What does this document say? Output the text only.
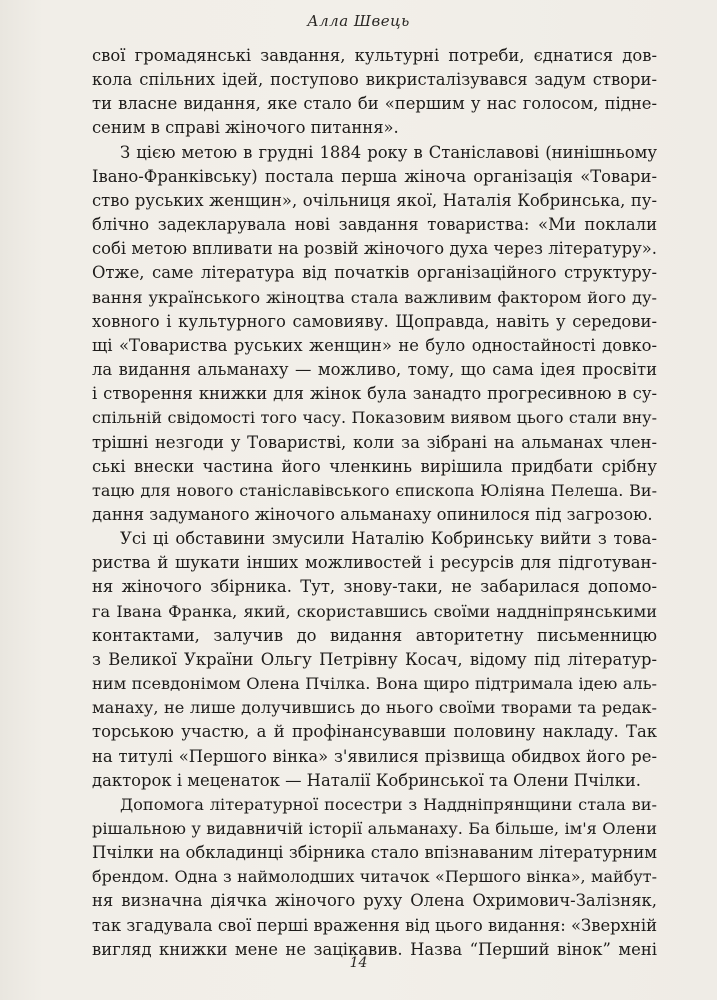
Алла Швець
свої громадянські завдання, культурні потреби, єднатися дов-
кола спільних ідей, поступово викристалізувався задум створи-
ти власне видання, яке стало би «першим у нас голосом, підне-
сеним в справі жіночого питання».
З цією метою в грудні 1884 року в Станіславові (нинішньому
Івано-Франківську) постала перша жіноча організація «Товари-
ство руських женщин», очільниця якої, Наталія Кобринська, пу-
блічно задекларувала нові завдання товариства: «Ми поклали
собі метою впливати на розвій жіночого духа через літературу».
Отже, саме література від початків організаційного структуру-
вання українського жіноцтва стала важливим фактором його ду-
ховного і культурного самовияву. Щоправда, навіть у середови-
щі «Товариства руських женщин» не було одностайності довко-
ла видання альманаху — можливо, тому, що сама ідея просвіти
і створення книжки для жінок була занадто прогресивною в су-
спільній свідомості того часу. Показовим виявом цього стали вну-
трішні незгоди у Товаристві, коли за зібрані на альманах член-
ські внески частина його членкинь вирішила придбати срібну
тацю для нового станіславівського єпископа Юліяна Пелеша. Ви-
дання задуманого жіночого альманаху опинилося під загрозою.
Усі ці обставини змусили Наталію Кобринську вийти з това-
риства й шукати інших можливостей і ресурсів для підготуван-
ня жіночого збірника. Тут, знову-таки, не забарилася допомо-
га Івана Франка, який, скориставшись своїми наддніпрянськими
контактами, залучив до видання авторитетну письменницю
з Великої України Ольгу Петрівну Косач, відому під літератур-
ним псевдонімом Олена Пчілка. Вона щиро підтримала ідею аль-
манаху, не лише долучившись до нього своїми творами та редак-
торською участю, а й профінансувавши половину накладу. Так
на титулі «Першого вінка» з'явилися прізвища обидвох його ре-
дакторок і меценаток — Наталії Кобринської та Олени Пчілки.
Допомога літературної посестри з Наддніпрянщини стала ви-
рішальною у видавничій історії альманаху. Ба більше, ім'я Олени
Пчілки на обкладинці збірника стало впізнаваним літературним
брендом. Одна з наймолодших читачок «Першого вінка», майбут-
ня визначна діячка жіночого руху Олена Охримович-Залізняк,
так згадувала свої перші враження від цього видання: «Зверхній
вигляд книжки мене не зацікавив. Назва “Перший вінок” мені
14
